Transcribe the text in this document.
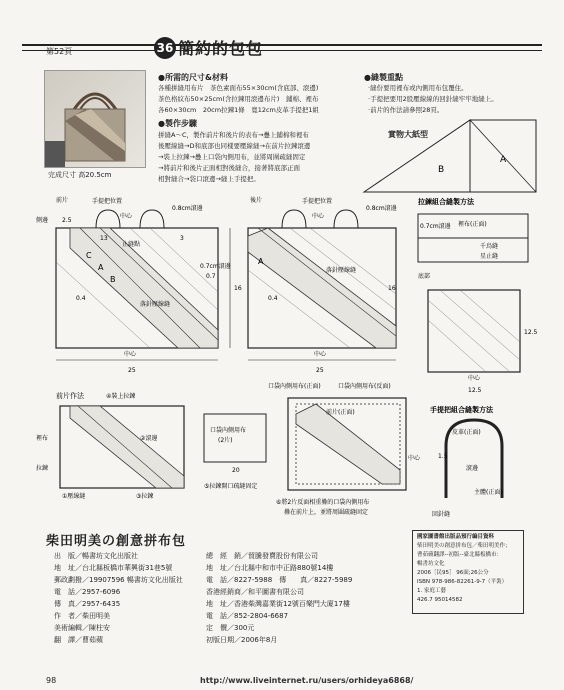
第52頁	36 簡約的包包
完成尺寸 高20.5cm
●所需的尺寸&材料
各種拼縫用布片　茶色素面布55×30cm(含底部、滾邊)
茶色格紋布50×25cm(含拉鍊用滾邊布片)　鋪棉、裡布
各60×30cm　20cm拉鍊1條　寬12cm皮革手提把1組
●製作步驟
拼縫A～C，製作前片和後片的表布→疊上鋪棉和裡布
後壓線縫→D和底部也同樣要壓線縫→在前片拉鍊滾邊
→裝上拉鍊→疊上口袋內側用布，並將周圍疏縫固定
→將前片和後片正面相對後縫合，接著將底部正面
相對縫合→袋口滾邊→縫上手提把。
●縫製重點
·縫份要用裡布或內側用布包覆住。
·手提把要用2股壓線線的回針縫牢牢地縫上。
·前片的作法請參照28頁。
實物大紙型
B
A
A
B
C
前片	手提把位置
側邊
中心
0.8cm滾邊
止縫點
落針壓線縫
中心
25
16
3
13
2.5
0.4
0.7cm滾邊
0.7
後片	手提把位置
0.8cm滾邊
中心
落針壓線縫
A
中心
25
16
0.4
拉鍊組合縫製方法
裡布(正面)
0.7cm滾邊
千鳥縫
星止縫
底部
中心
12.5
12.5
手提把組合縫製方法
皮革(正面)
滾邊
主體(正面)
回針縫
中心	1.5
前片作法	④裝上拉鍊
②滾邊
①壓線縫	③拉鍊
裡布
拉鍊
口袋內側用布
(2片)
20
⑤拉鍊開口疏縫固定
口袋內側用布(正面)	口袋內側用布(反面)
前片(正面)
⑥將2片反面相重疊的口袋內側用布
疊在前片上，並將周圍疏縫固定
柴田明美の創意拼布包
出　 版／暢書坊文化出版社
地　 址／台北縣板橋市華興街31巷5號
郵政劃撥／19907596 暢書坊文化出版社
電　 話／2957-6096
傳　 真／2957-6435
作　 者／柴田明美
美術編輯／陳柱安
翻　 譯／曹茹蘋
總　 經　銷／貿騰發賣股份有限公司
地　 址／台北縣中和市中正路880號14樓
電　 話／8227-5988　傳　　真／8227-5989
香港經銷商／和平圖書有限公司
地　 址／香港柴灣嘉業街12號百樂門大廈17樓
電　 話／852-2804-6687
定　 價／300元
初版日期／2006年8月
國家圖書館出版品預行編目資料
柴田明美の創意拼布包／柴田明美作；
曹茹蘋翻譯--初版--臺北縣板橋市：
暢書坊文化
2006［民95］ 96面;26公分
ISBN 978-986-82261-9-7（平裝）
1. 家庭工藝
426.7 95014582
98	http://www.liveinternet.ru/users/orhideya6868/
